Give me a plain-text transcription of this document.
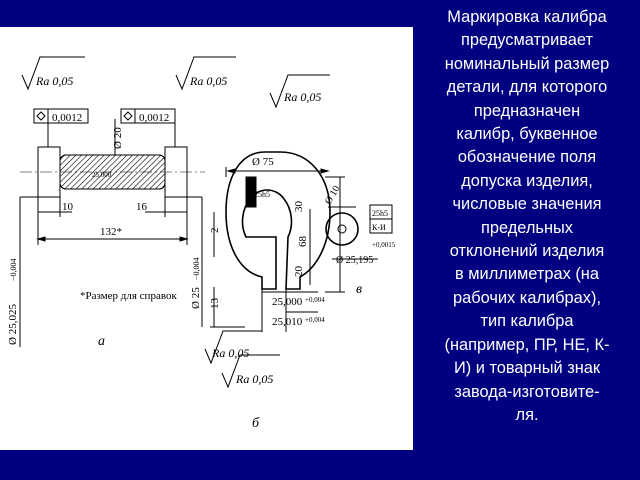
Ra 0,05	Ra 0,05
0,0012	0,0012
Ø 20
25,000
10	16
132*
Ø 25,025
−0,004
Ø 25
−0,004
*Размер для справок
а
Ra 0,05
Ø 75
25h5
30
68
20
2
13	25,000 +0,004
25,010 +0,004
Ra 0,05
Ra 0,05
б
Ø 10
25h5
К-И
Ø 25,195
+0,0015
в
Маркировка калибра
предусматривает
номинальный размер
детали, для которого
предназначен
калибр, буквенное
обозначение поля
допуска изделия,
числовые значения
предельных
отклонений изделия
в миллиметрах (на
рабочих калибрах),
тип калибра
(например, ПР, НЕ, К-
И) и товарный знак
завода-изготовите-
ля.
